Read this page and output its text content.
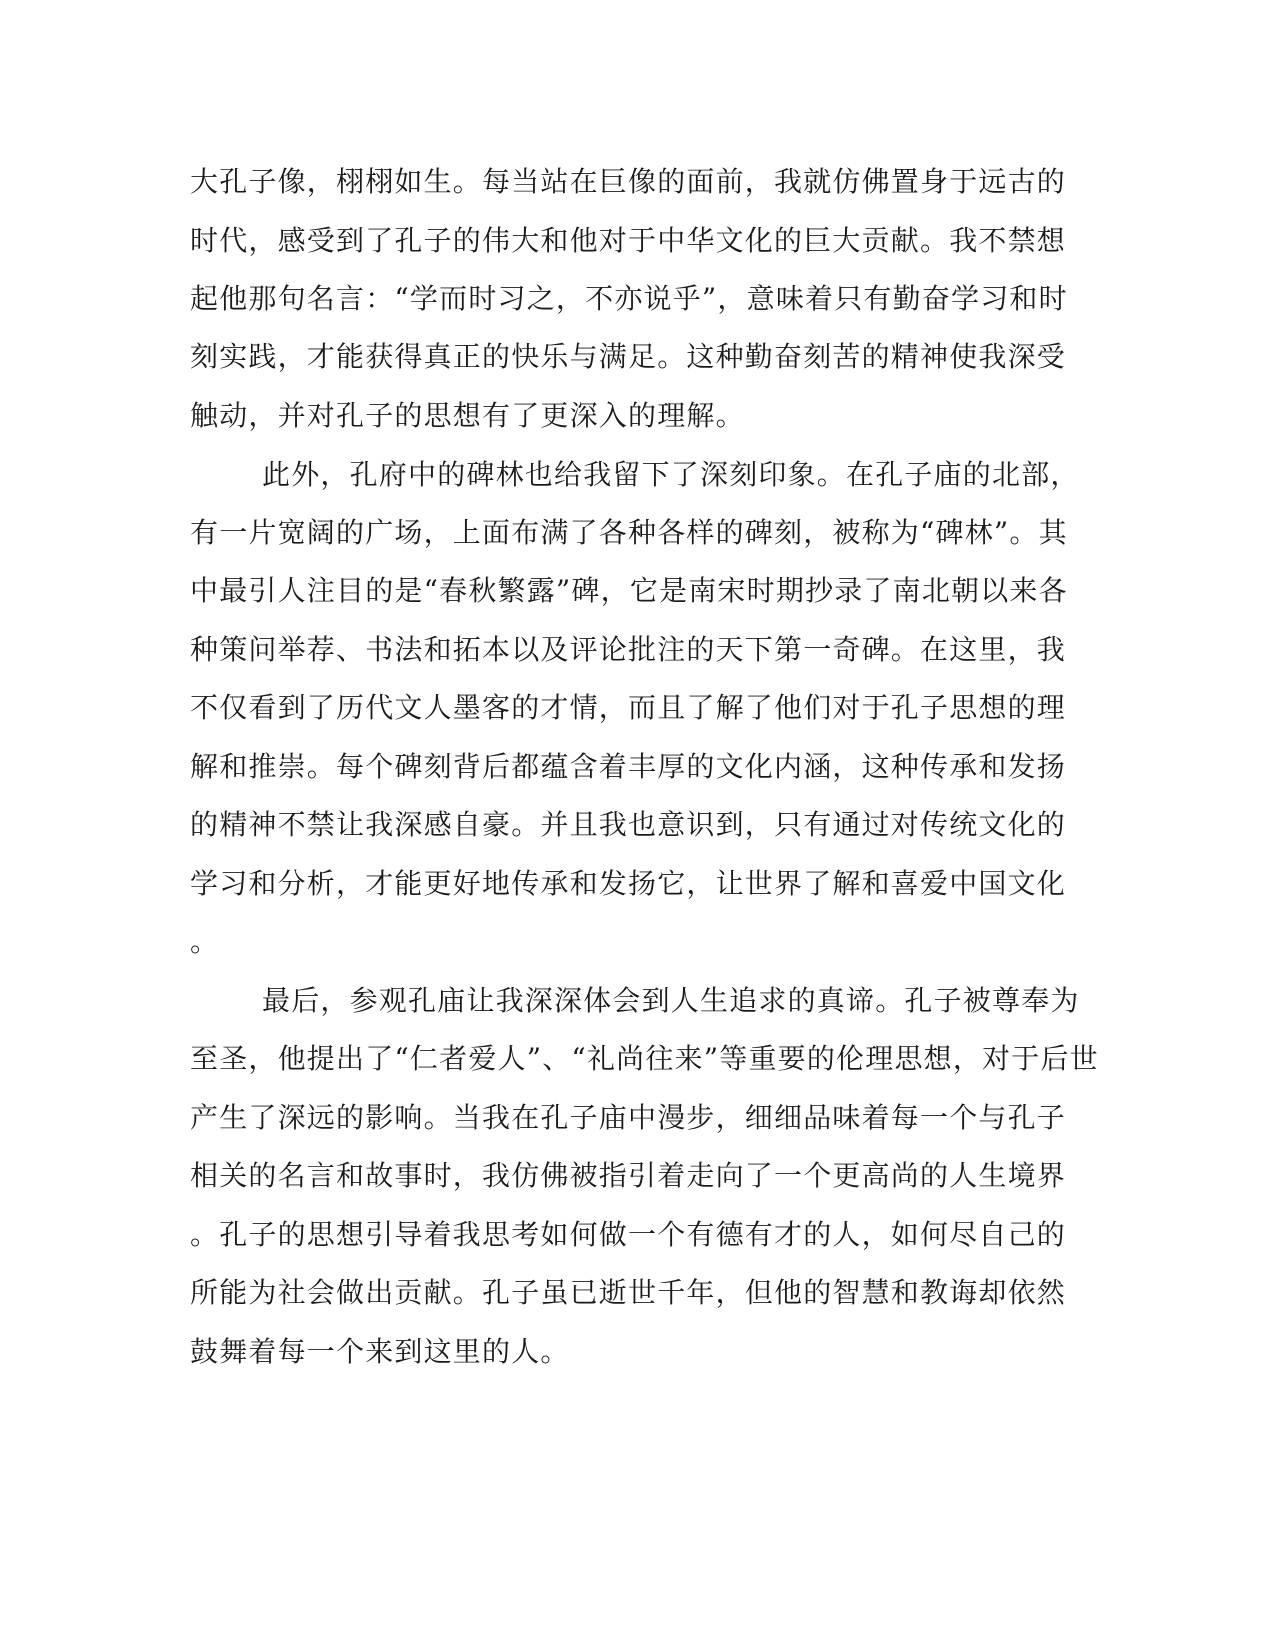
大孔子像，栩栩如生。每当站在巨像的面前，我就仿佛置身于远古的
时代，感受到了孔子的伟大和他对于中华文化的巨大贡献。我不禁想
起他那句名言：“学而时习之，不亦说乎”，意味着只有勤奋学习和时
刻实践，才能获得真正的快乐与满足。这种勤奋刻苦的精神使我深受
触动，并对孔子的思想有了更深入的理解。
此外，孔府中的碑林也给我留下了深刻印象。在孔子庙的北部，
有一片宽阔的广场，上面布满了各种各样的碑刻，被称为“碑林”。其
中最引人注目的是“春秋繁露”碑，它是南宋时期抄录了南北朝以来各
种策问举荐、书法和拓本以及评论批注的天下第一奇碑。在这里，我
不仅看到了历代文人墨客的才情，而且了解了他们对于孔子思想的理
解和推崇。每个碑刻背后都蕴含着丰厚的文化内涵，这种传承和发扬
的精神不禁让我深感自豪。并且我也意识到，只有通过对传统文化的
学习和分析，才能更好地传承和发扬它，让世界了解和喜爱中国文化
。
最后，参观孔庙让我深深体会到人生追求的真谛。孔子被尊奉为
至圣，他提出了“仁者爱人”、“礼尚往来”等重要的伦理思想，对于后世
产生了深远的影响。当我在孔子庙中漫步，细细品味着每一个与孔子
相关的名言和故事时，我仿佛被指引着走向了一个更高尚的人生境界
。孔子的思想引导着我思考如何做一个有德有才的人，如何尽自己的
所能为社会做出贡献。孔子虽已逝世千年，但他的智慧和教诲却依然
鼓舞着每一个来到这里的人。
